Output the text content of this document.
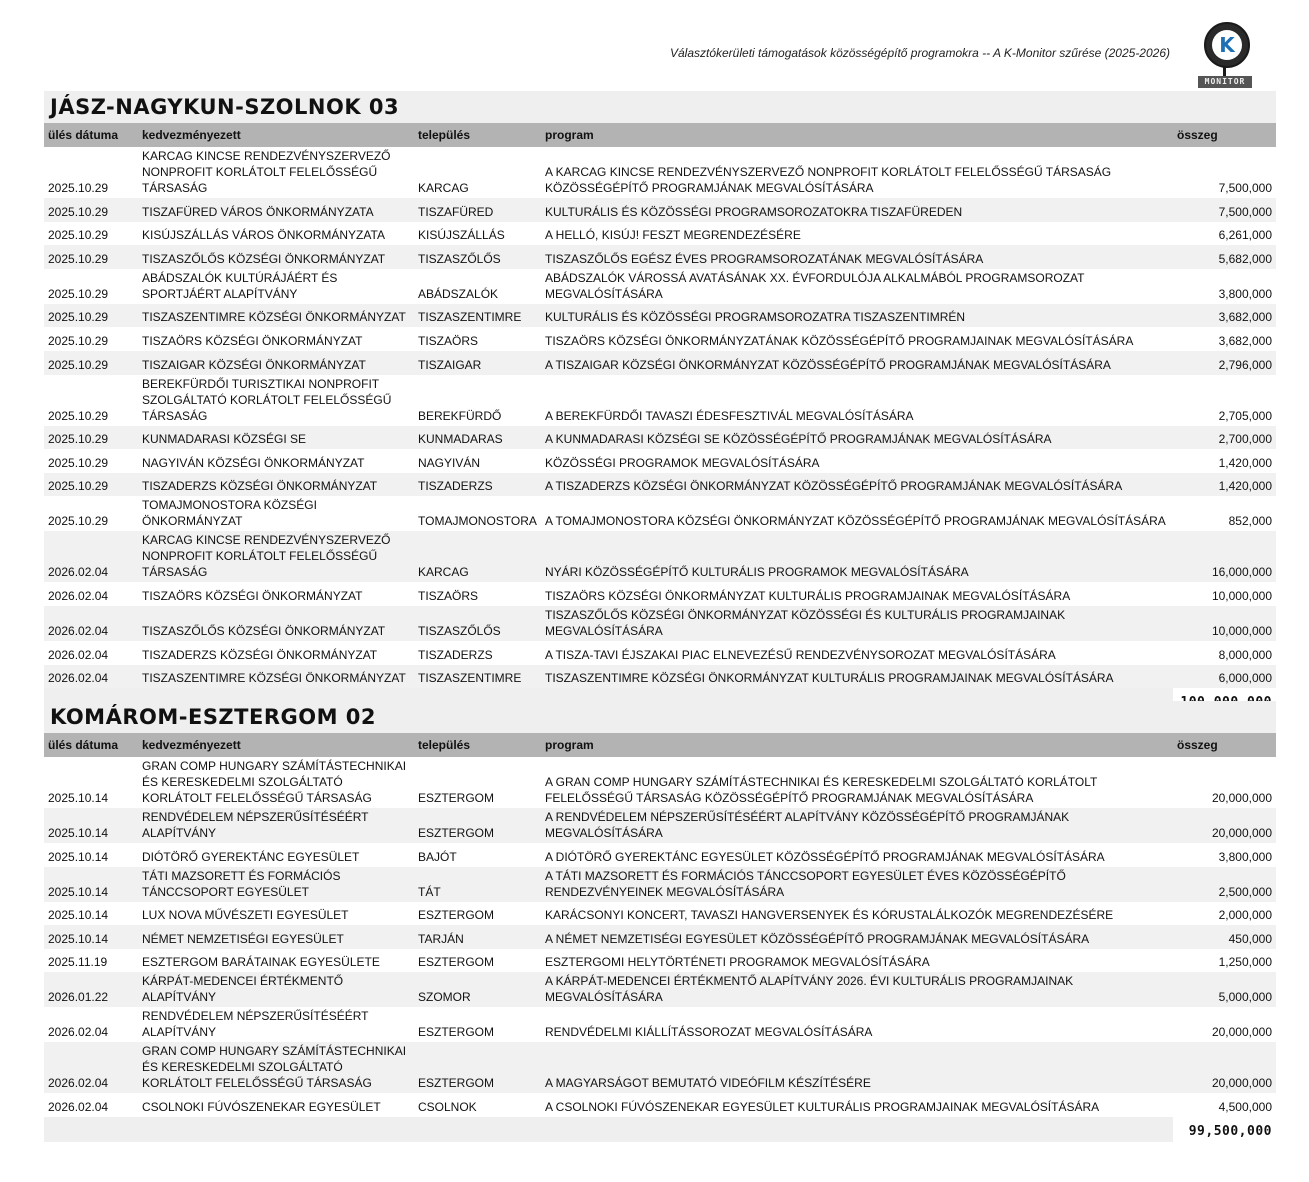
Választókerületi támogatások közösségépítő programokra -- A K-Monitor szűrése (2025-2026)	K
MONITOR
JÁSZ-NAGYKUN-SZOLNOK 03
ülés dátuma	kedvezményezett	település	program	összeg
2025.10.29	KARCAG KINCSE RENDEZVÉNYSZERVEZŐ NONPROFIT KORLÁTOLT FELELŐSSÉGŰ TÁRSASÁG	KARCAG	A KARCAG KINCSE RENDEZVÉNYSZERVEZŐ NONPROFIT KORLÁTOLT FELELŐSSÉGŰ TÁRSASÁG KÖZÖSSÉGÉPÍTŐ PROGRAMJÁNAK MEGVALÓSÍTÁSÁRA	7,500,000
2025.10.29	TISZAFÜRED VÁROS ÖNKORMÁNYZATA	TISZAFÜRED	KULTURÁLIS ÉS KÖZÖSSÉGI PROGRAMSOROZATOKRA TISZAFÜREDEN	7,500,000
2025.10.29	KISÚJSZÁLLÁS VÁROS ÖNKORMÁNYZATA	KISÚJSZÁLLÁS	A HELLÓ, KISÚJ! FESZT MEGRENDEZÉSÉRE	6,261,000
2025.10.29	TISZASZŐLŐS KÖZSÉGI ÖNKORMÁNYZAT	TISZASZŐLŐS	TISZASZŐLŐS EGÉSZ ÉVES PROGRAMSOROZATÁNAK MEGVALÓSÍTÁSÁRA	5,682,000
2025.10.29	ABÁDSZALÓK KULTÚRÁJÁÉRT ÉS SPORTJÁÉRT ALAPÍTVÁNY	ABÁDSZALÓK	ABÁDSZALÓK VÁROSSÁ AVATÁSÁNAK XX. ÉVFORDULÓJA ALKALMÁBÓL PROGRAMSOROZAT MEGVALÓSÍTÁSÁRA	3,800,000
2025.10.29	TISZASZENTIMRE KÖZSÉGI ÖNKORMÁNYZAT	TISZASZENTIMRE	KULTURÁLIS ÉS KÖZÖSSÉGI PROGRAMSOROZATRA TISZASZENTIMRÉN	3,682,000
2025.10.29	TISZAÖRS KÖZSÉGI ÖNKORMÁNYZAT	TISZAÖRS	TISZAÖRS KÖZSÉGI ÖNKORMÁNYZATÁNAK KÖZÖSSÉGÉPÍTŐ PROGRAMJAINAK MEGVALÓSÍTÁSÁRA	3,682,000
2025.10.29	TISZAIGAR KÖZSÉGI ÖNKORMÁNYZAT	TISZAIGAR	A TISZAIGAR KÖZSÉGI ÖNKORMÁNYZAT KÖZÖSSÉGÉPÍTŐ PROGRAMJÁNAK MEGVALÓSÍTÁSÁRA	2,796,000
2025.10.29	BEREKFÜRDŐI TURISZTIKAI NONPROFIT SZOLGÁLTATÓ KORLÁTOLT FELELŐSSÉGŰ TÁRSASÁG	BEREKFÜRDŐ	A BEREKFÜRDŐI TAVASZI ÉDESFESZTIVÁL MEGVALÓSÍTÁSÁRA	2,705,000
2025.10.29	KUNMADARASI KÖZSÉGI SE	KUNMADARAS	A KUNMADARASI KÖZSÉGI SE KÖZÖSSÉGÉPÍTŐ PROGRAMJÁNAK MEGVALÓSÍTÁSÁRA	2,700,000
2025.10.29	NAGYIVÁN KÖZSÉGI ÖNKORMÁNYZAT	NAGYIVÁN	KÖZÖSSÉGI PROGRAMOK MEGVALÓSÍTÁSÁRA	1,420,000
2025.10.29	TISZADERZS KÖZSÉGI ÖNKORMÁNYZAT	TISZADERZS	A TISZADERZS KÖZSÉGI ÖNKORMÁNYZAT KÖZÖSSÉGÉPÍTŐ PROGRAMJÁNAK MEGVALÓSÍTÁSÁRA	1,420,000
2025.10.29	TOMAJMONOSTORA KÖZSÉGI ÖNKORMÁNYZAT	TOMAJMONOSTORA	A TOMAJMONOSTORA KÖZSÉGI ÖNKORMÁNYZAT KÖZÖSSÉGÉPÍTŐ PROGRAMJÁNAK MEGVALÓSÍTÁSÁRA	852,000
2026.02.04	KARCAG KINCSE RENDEZVÉNYSZERVEZŐ NONPROFIT KORLÁTOLT FELELŐSSÉGŰ TÁRSASÁG	KARCAG	NYÁRI KÖZÖSSÉGÉPÍTŐ KULTURÁLIS PROGRAMOK MEGVALÓSÍTÁSÁRA	16,000,000
2026.02.04	TISZAÖRS KÖZSÉGI ÖNKORMÁNYZAT	TISZAÖRS	TISZAÖRS KÖZSÉGI ÖNKORMÁNYZAT KULTURÁLIS PROGRAMJAINAK MEGVALÓSÍTÁSÁRA	10,000,000
2026.02.04	TISZASZŐLŐS KÖZSÉGI ÖNKORMÁNYZAT	TISZASZŐLŐS	TISZASZŐLŐS KÖZSÉGI ÖNKORMÁNYZAT KÖZÖSSÉGI ÉS KULTURÁLIS PROGRAMJAINAK MEGVALÓSÍTÁSÁRA	10,000,000
2026.02.04	TISZADERZS KÖZSÉGI ÖNKORMÁNYZAT	TISZADERZS	A TISZA-TAVI ÉJSZAKAI PIAC ELNEVEZÉSŰ RENDEZVÉNYSOROZAT MEGVALÓSÍTÁSÁRA	8,000,000
2026.02.04	TISZASZENTIMRE KÖZSÉGI ÖNKORMÁNYZAT	TISZASZENTIMRE	TISZASZENTIMRE KÖZSÉGI ÖNKORMÁNYZAT KULTURÁLIS PROGRAMJAINAK MEGVALÓSÍTÁSÁRA	6,000,000

KOMÁROM-ESZTERGOM 02
ülés dátuma	kedvezményezett	település	program	összeg
2025.10.14	GRAN COMP HUNGARY SZÁMÍTÁSTECHNIKAI ÉS KERESKEDELMI SZOLGÁLTATÓ KORLÁTOLT FELELŐSSÉGŰ TÁRSASÁG	ESZTERGOM	A GRAN COMP HUNGARY SZÁMÍTÁSTECHNIKAI ÉS KERESKEDELMI SZOLGÁLTATÓ KORLÁTOLT FELELŐSSÉGŰ TÁRSASÁG KÖZÖSSÉGÉPÍTŐ PROGRAMJÁNAK MEGVALÓSÍTÁSÁRA	20,000,000
2025.10.14	RENDVÉDELEM NÉPSZERŰSÍTÉSÉÉRT ALAPÍTVÁNY	ESZTERGOM	A RENDVÉDELEM NÉPSZERŰSÍTÉSÉÉRT ALAPÍTVÁNY KÖZÖSSÉGÉPÍTŐ PROGRAMJÁNAK MEGVALÓSÍTÁSÁRA	20,000,000
2025.10.14	DIÓTÖRŐ GYEREKTÁNC EGYESÜLET	BAJÓT	A DIÓTÖRŐ GYEREKTÁNC EGYESÜLET KÖZÖSSÉGÉPÍTŐ PROGRAMJÁNAK MEGVALÓSÍTÁSÁRA	3,800,000
2025.10.14	TÁTI MAZSORETT ÉS FORMÁCIÓS TÁNCCSOPORT EGYESÜLET	TÁT	A TÁTI MAZSORETT ÉS FORMÁCIÓS TÁNCCSOPORT EGYESÜLET ÉVES KÖZÖSSÉGÉPÍTŐ RENDEZVÉNYEINEK MEGVALÓSÍTÁSÁRA	2,500,000
2025.10.14	LUX NOVA MŰVÉSZETI EGYESÜLET	ESZTERGOM	KARÁCSONYI KONCERT, TAVASZI HANGVERSENYEK ÉS KÓRUSTALÁLKOZÓK MEGRENDEZÉSÉRE	2,000,000
2025.10.14	NÉMET NEMZETISÉGI EGYESÜLET	TARJÁN	A NÉMET NEMZETISÉGI EGYESÜLET KÖZÖSSÉGÉPÍTŐ PROGRAMJÁNAK MEGVALÓSÍTÁSÁRA	450,000
2025.11.19	ESZTERGOM BARÁTAINAK EGYESÜLETE	ESZTERGOM	ESZTERGOMI HELYTÖRTÉNETI PROGRAMOK MEGVALÓSÍTÁSÁRA	1,250,000
2026.01.22	KÁRPÁT-MEDENCEI ÉRTÉKMENTŐ ALAPÍTVÁNY	SZOMOR	A KÁRPÁT-MEDENCEI ÉRTÉKMENTŐ ALAPÍTVÁNY 2026. ÉVI KULTURÁLIS PROGRAMJAINAK MEGVALÓSÍTÁSÁRA	5,000,000
2026.02.04	RENDVÉDELEM NÉPSZERŰSÍTÉSÉÉRT ALAPÍTVÁNY	ESZTERGOM	RENDVÉDELMI KIÁLLÍTÁSSOROZAT MEGVALÓSÍTÁSÁRA	20,000,000
2026.02.04	GRAN COMP HUNGARY SZÁMÍTÁSTECHNIKAI ÉS KERESKEDELMI SZOLGÁLTATÓ KORLÁTOLT FELELŐSSÉGŰ TÁRSASÁG	ESZTERGOM	A MAGYARSÁGOT BEMUTATÓ VIDEÓFILM KÉSZÍTÉSÉRE	20,000,000
2026.02.04	CSOLNOKI FÚVÓSZENEKAR EGYESÜLET	CSOLNOK	A CSOLNOKI FÚVÓSZENEKAR EGYESÜLET KULTURÁLIS PROGRAMJAINAK MEGVALÓSÍTÁSÁRA	4,500,000
				99,500,000
